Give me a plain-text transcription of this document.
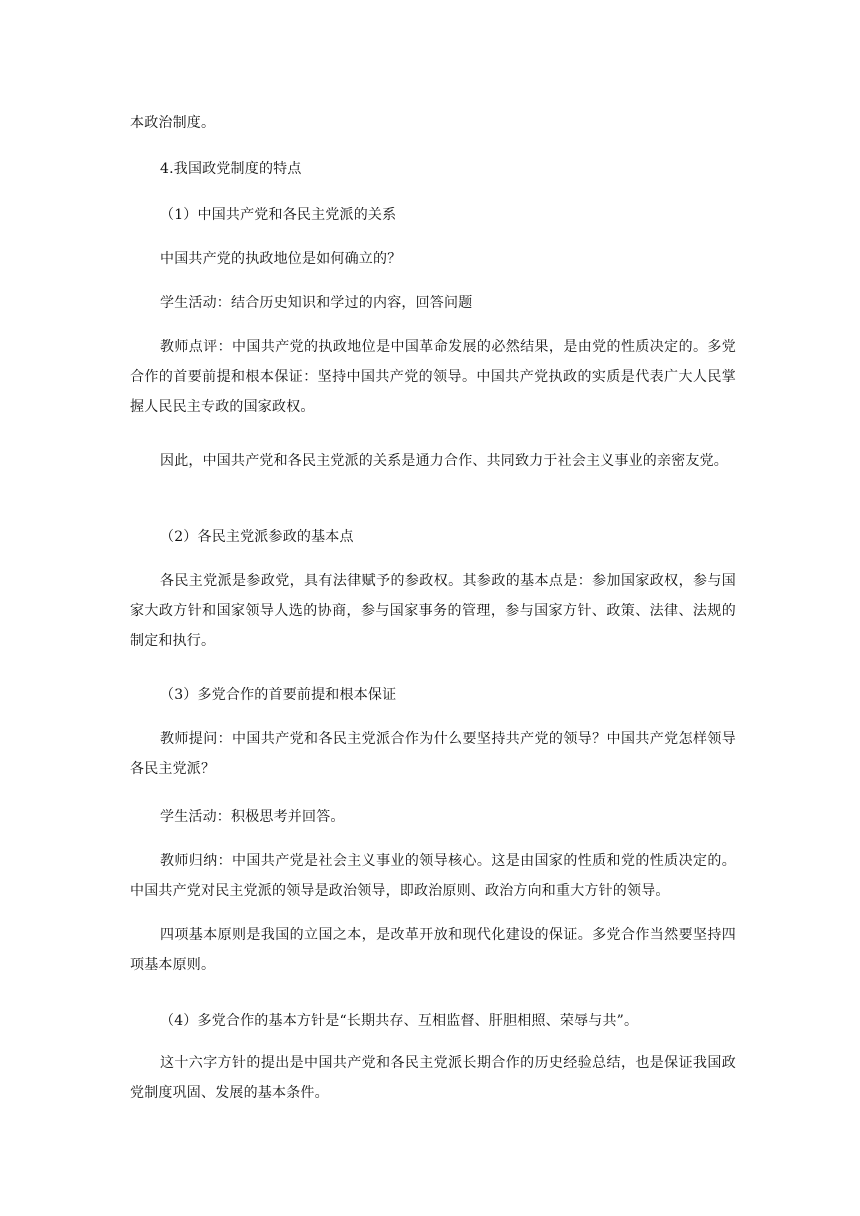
本政治制度。

4.我国政党制度的特点

（1）中国共产党和各民主党派的关系

中国共产党的执政地位是如何确立的？

学生活动：结合历史知识和学过的内容，回答问题

教师点评：中国共产党的执政地位是中国革命发展的必然结果，是由党的性质决定的。多党合作的首要前提和根本保证：坚持中国共产党的领导。中国共产党执政的实质是代表广大人民掌握人民民主专政的国家政权。

因此，中国共产党和各民主党派的关系是通力合作、共同致力于社会主义事业的亲密友党。

（2）各民主党派参政的基本点

各民主党派是参政党，具有法律赋予的参政权。其参政的基本点是：参加国家政权，参与国家大政方针和国家领导人选的协商，参与国家事务的管理，参与国家方针、政策、法律、法规的制定和执行。

（3）多党合作的首要前提和根本保证

教师提问：中国共产党和各民主党派合作为什么要坚持共产党的领导？中国共产党怎样领导各民主党派？

学生活动：积极思考并回答。

教师归纳：中国共产党是社会主义事业的领导核心。这是由国家的性质和党的性质决定的。中国共产党对民主党派的领导是政治领导，即政治原则、政治方向和重大方针的领导。

四项基本原则是我国的立国之本，是改革开放和现代化建设的保证。多党合作当然要坚持四项基本原则。

（4）多党合作的基本方针是“长期共存、互相监督、肝胆相照、荣辱与共”。

这十六字方针的提出是中国共产党和各民主党派长期合作的历史经验总结，也是保证我国政党制度巩固、发展的基本条件。
